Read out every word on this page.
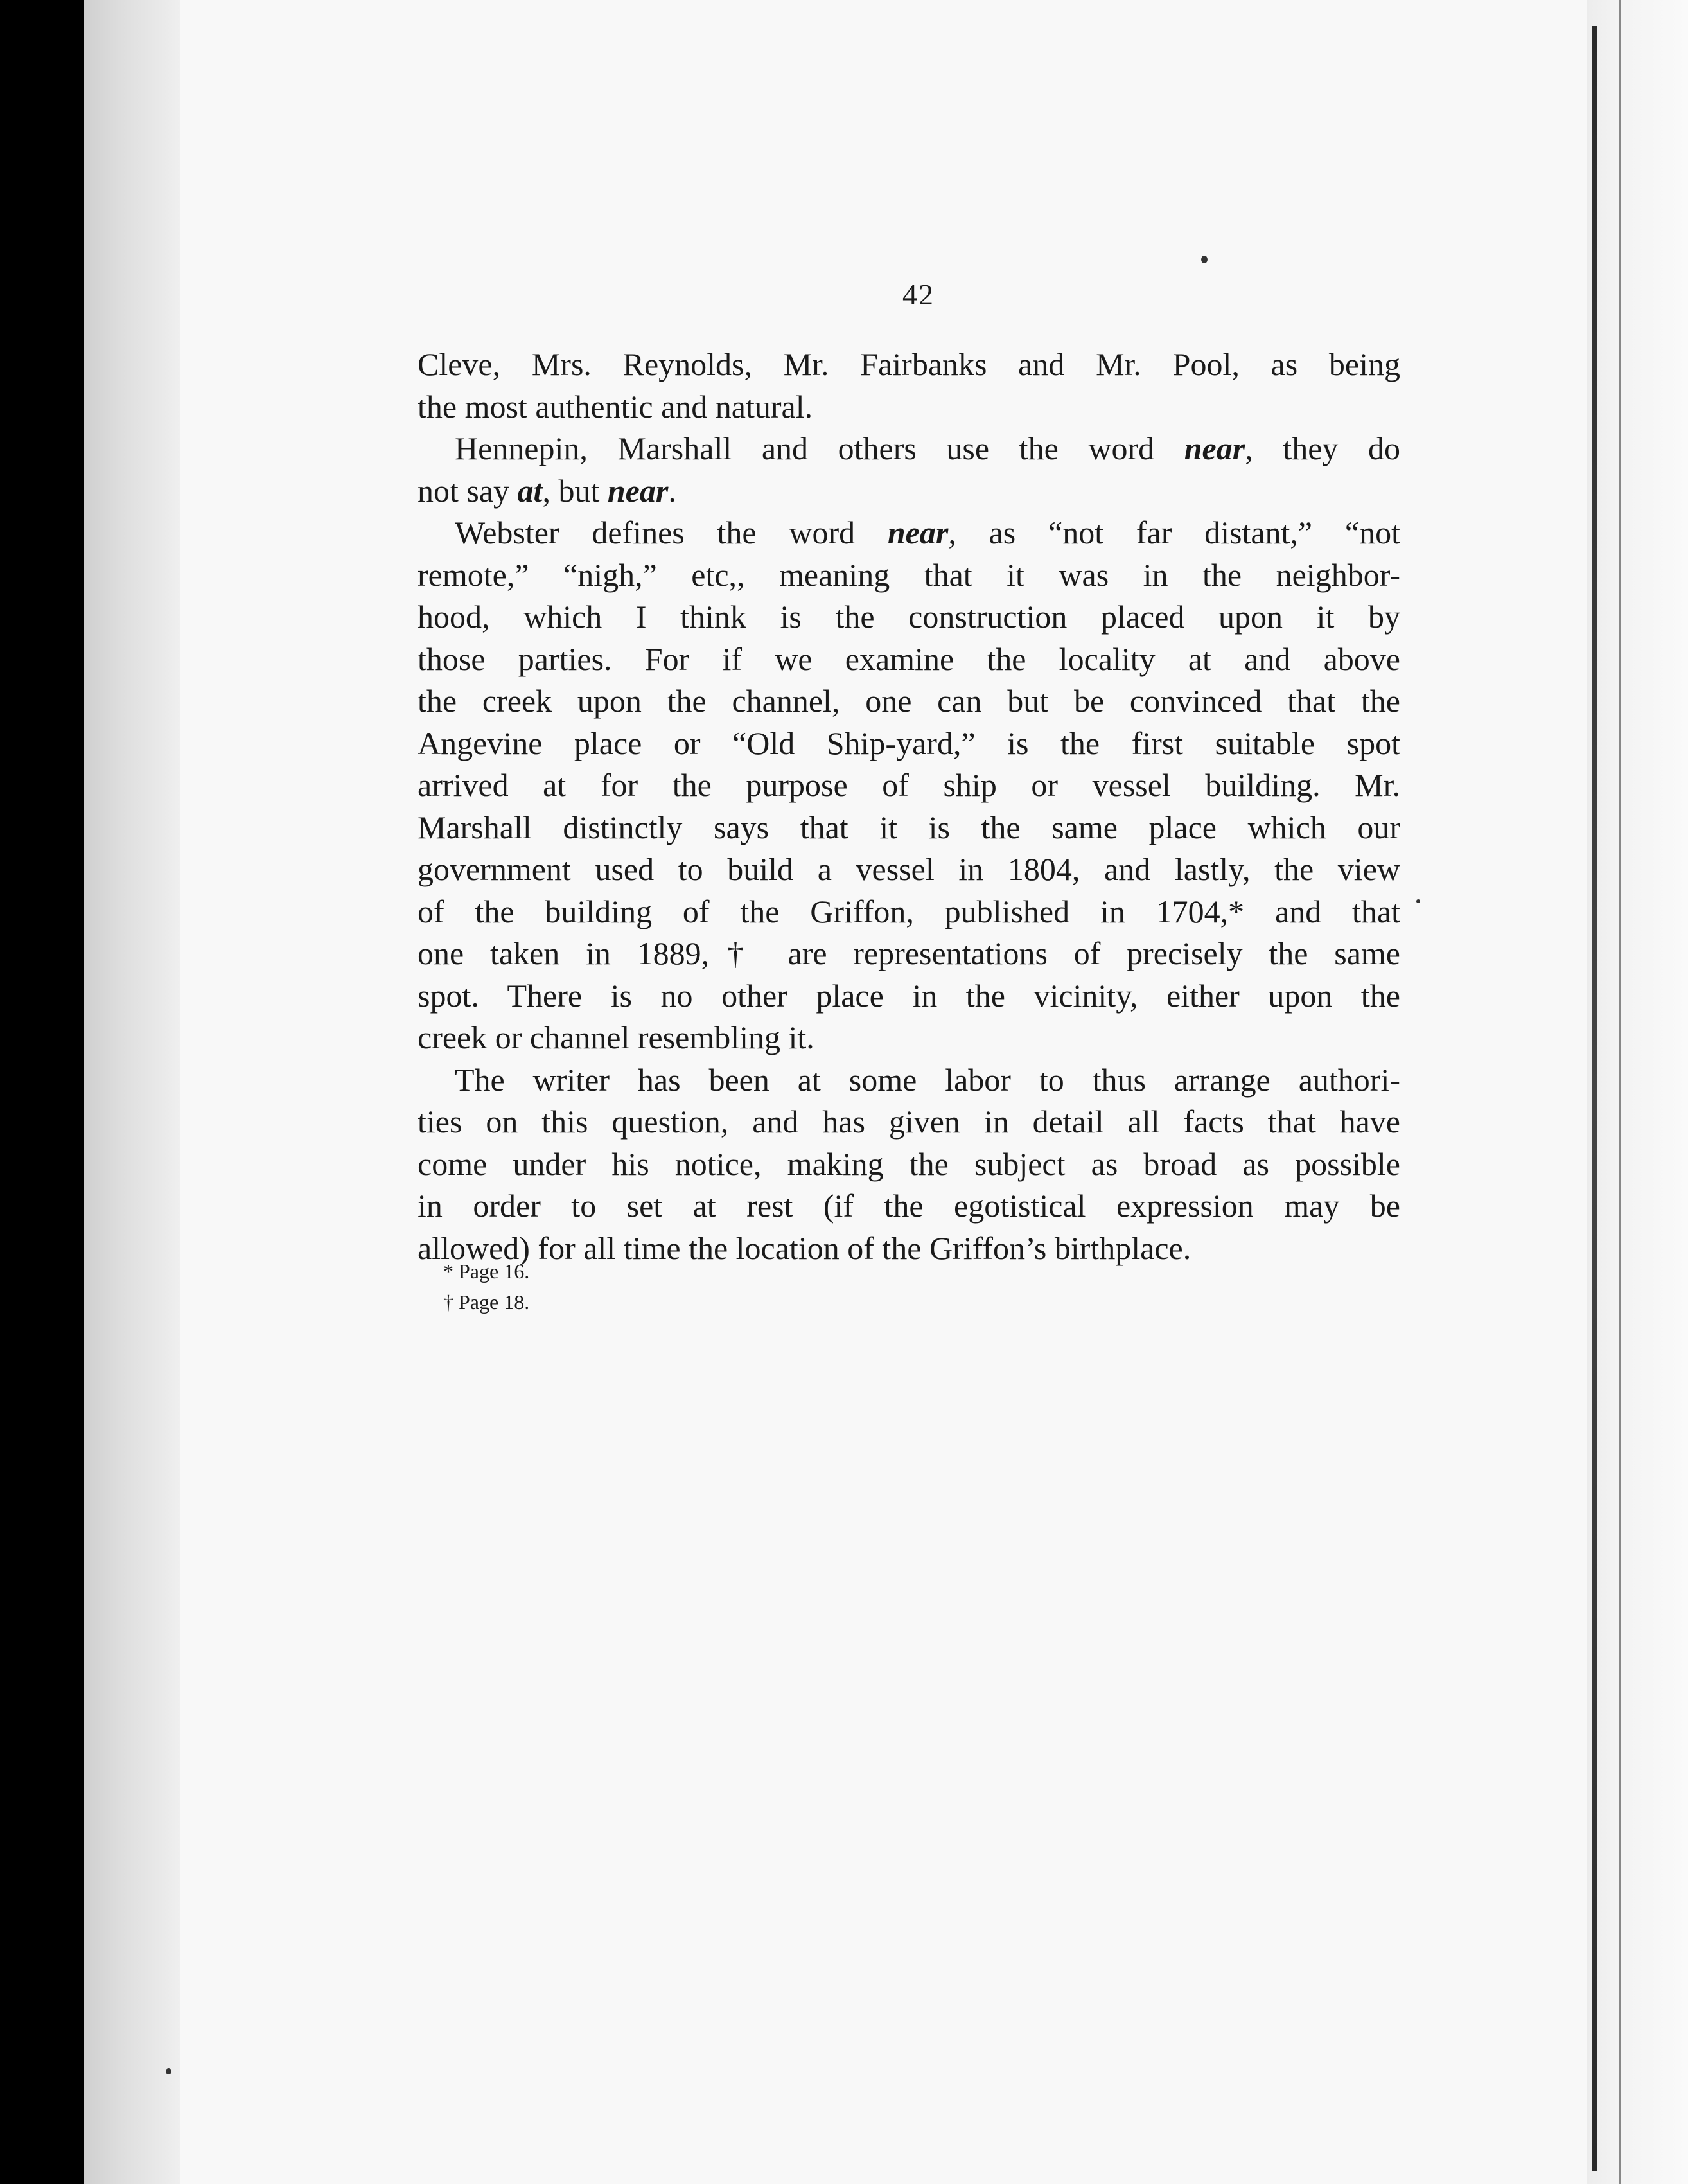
42

Cleve, Mrs. Reynolds, Mr. Fairbanks and Mr. Pool, as being
the most authentic and natural.

Hennepin, Marshall and others use the word near, they do
not say at, but near.

Webster defines the word near, as “not far distant,” “not
remote,” “nigh,” etc,, meaning that it was in the neighbor-
hood, which I think is the construction placed upon it by
those parties. For if we examine the locality at and above
the creek upon the channel, one can but be convinced that the
Angevine place or “Old Ship-yard,” is the first suitable spot
arrived at for the purpose of ship or vessel building. Mr.
Marshall distinctly says that it is the same place which our
government used to build a vessel in 1804, and lastly, the view
of the building of the Griffon, published in 1704,* and that
one taken in 1889,† are representations of precisely the same
spot. There is no other place in the vicinity, either upon the
creek or channel resembling it.

The writer has been at some labor to thus arrange authori-
ties on this question, and has given in detail all facts that have
come under his notice, making the subject as broad as possible
in order to set at rest (if the egotistical expression may be
allowed) for all time the location of the Griffon’s birthplace.

* Page 16.
† Page 18.
